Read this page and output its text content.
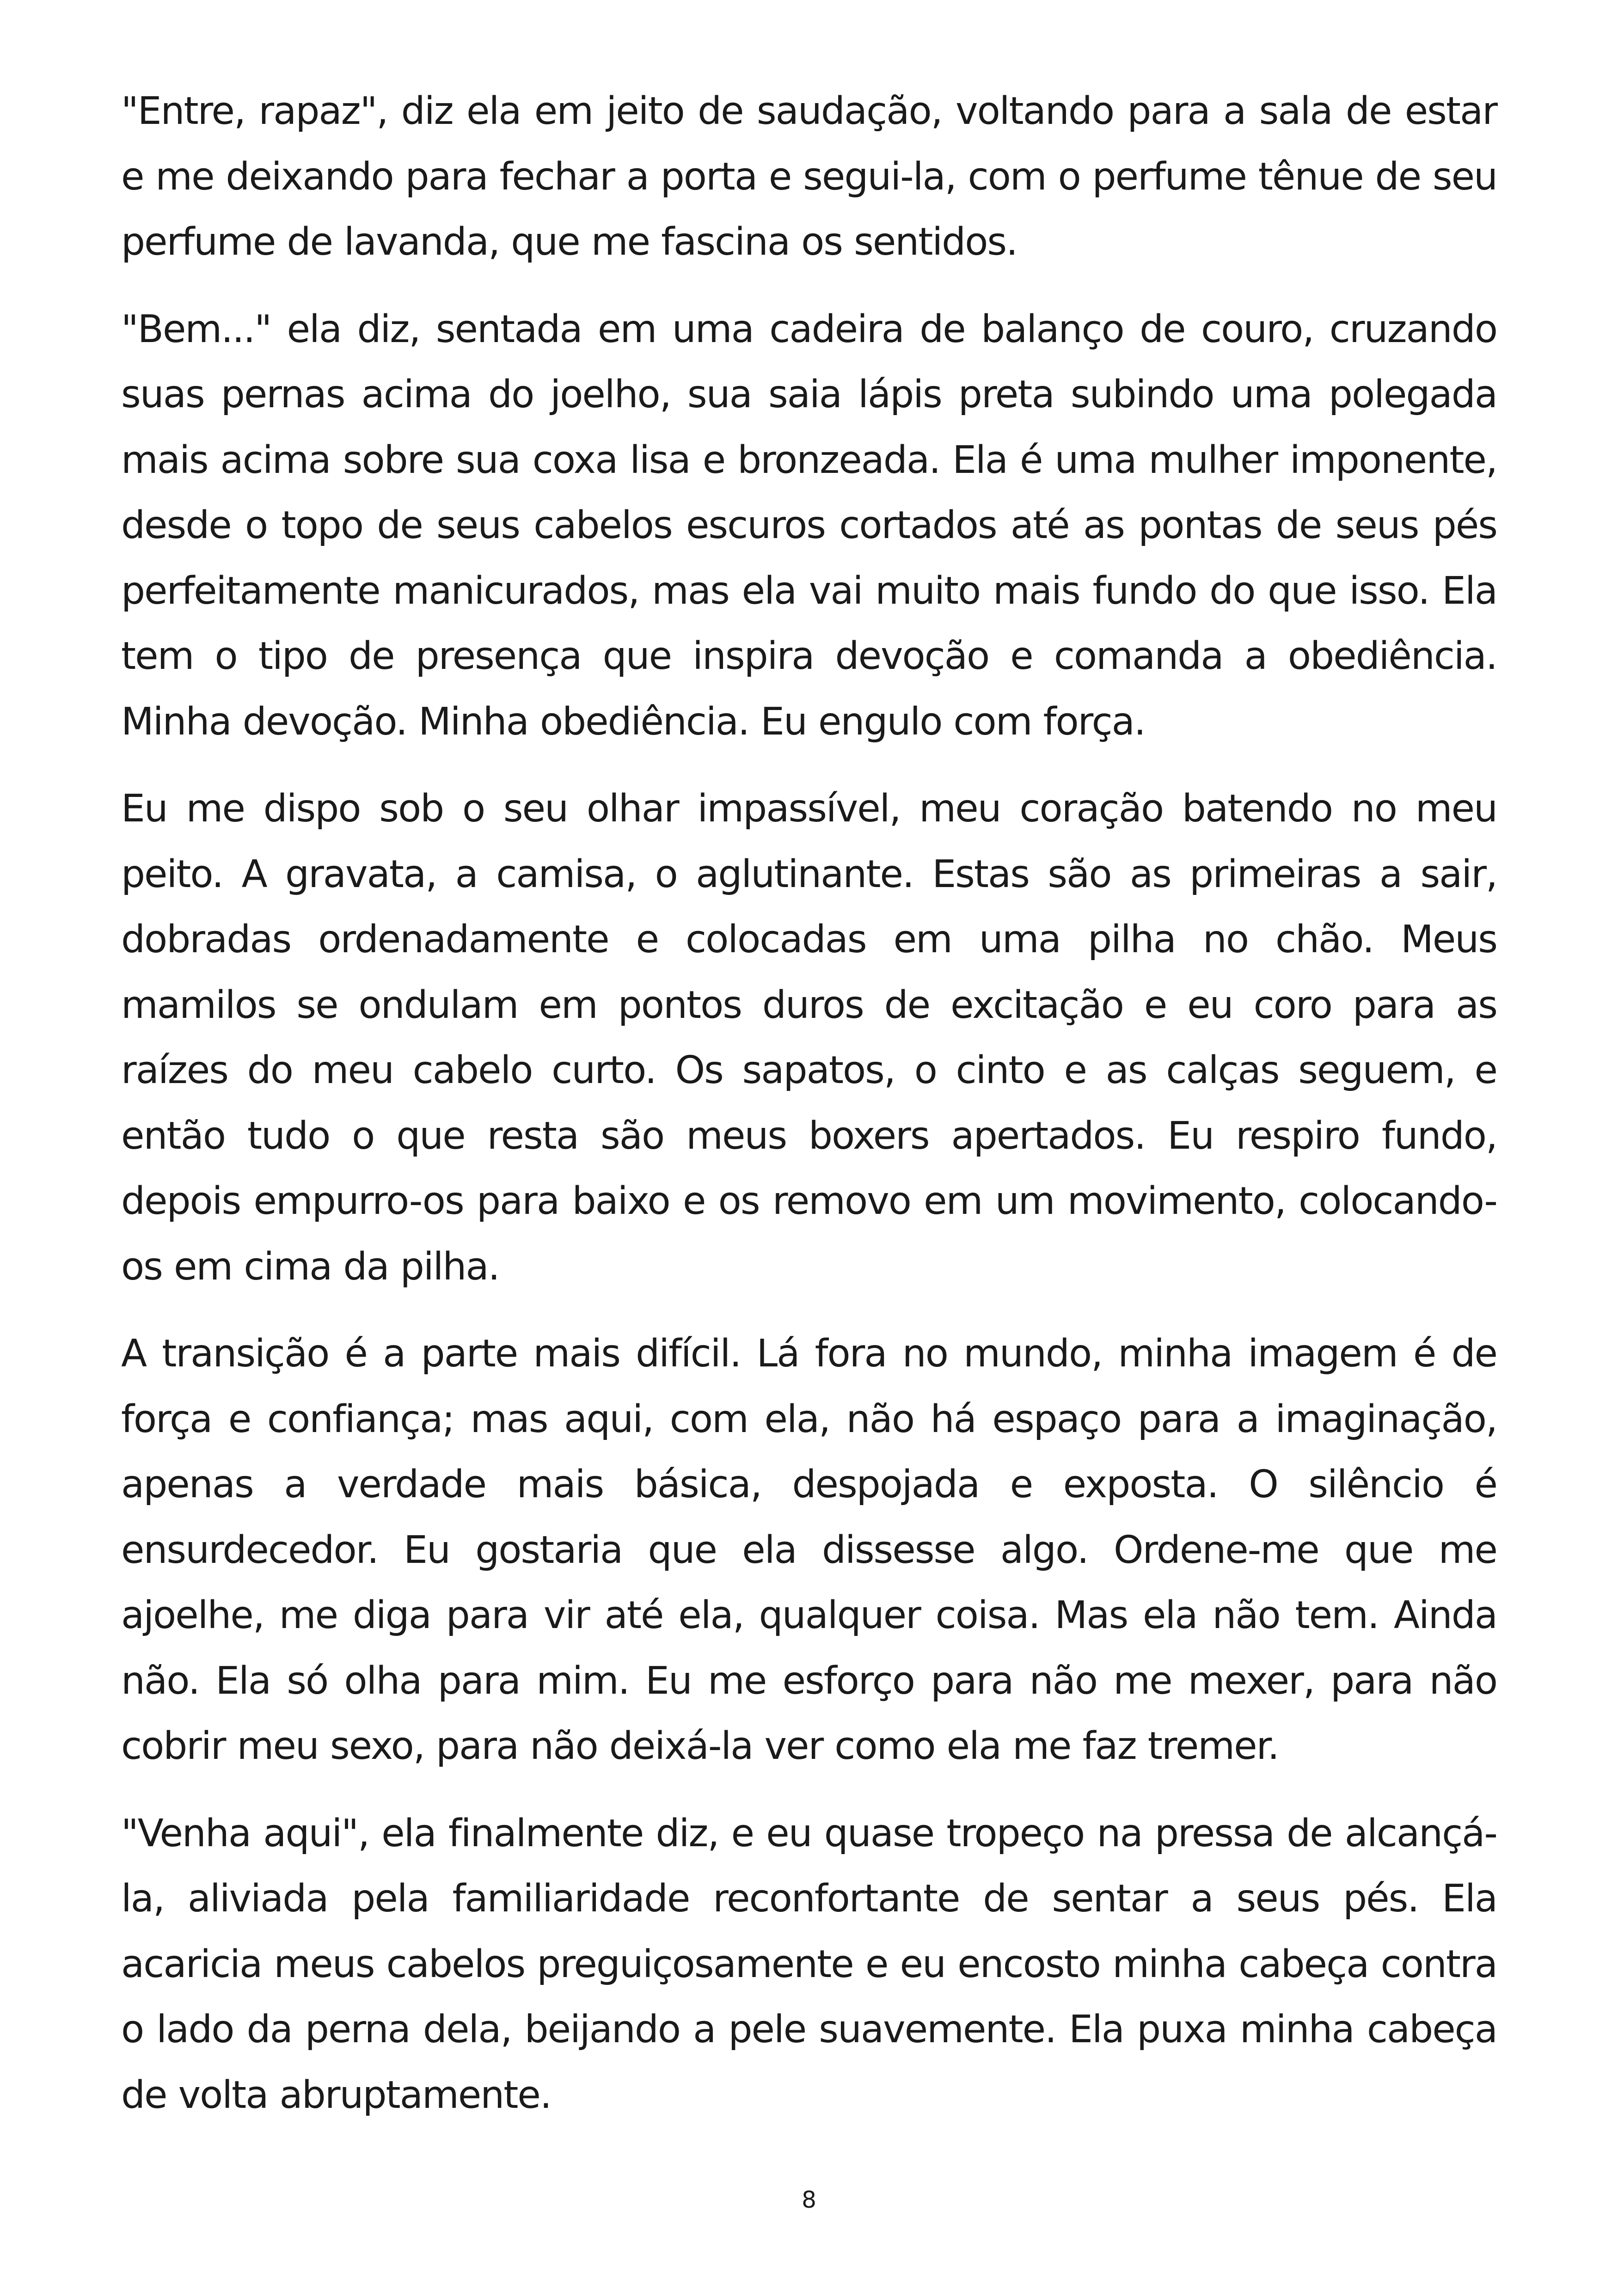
"Entre, rapaz", diz ela em jeito de saudação, voltando para a sala de estar e me deixando para fechar a porta e segui-la, com o perfume tênue de seu perfume de lavanda, que me fascina os sentidos.

"Bem..." ela diz, sentada em uma cadeira de balanço de couro, cruzando suas pernas acima do joelho, sua saia lápis preta subindo uma polegada mais acima sobre sua coxa lisa e bronzeada. Ela é uma mulher imponente, desde o topo de seus cabelos escuros cortados até as pontas de seus pés perfeitamente manicurados, mas ela vai muito mais fundo do que isso. Ela tem o tipo de presença que inspira devoção e comanda a obediência. Minha devoção. Minha obediência. Eu engulo com força.

Eu me dispo sob o seu olhar impassível, meu coração batendo no meu peito. A gravata, a camisa, o aglutinante. Estas são as primeiras a sair, dobradas ordenadamente e colocadas em uma pilha no chão. Meus mamilos se ondulam em pontos duros de excitação e eu coro para as raízes do meu cabelo curto. Os sapatos, o cinto e as calças seguem, e então tudo o que resta são meus boxers apertados. Eu respiro fundo, depois empurro-os para baixo e os removo em um movimento, colocando-os em cima da pilha.

A transição é a parte mais difícil. Lá fora no mundo, minha imagem é de força e confiança; mas aqui, com ela, não há espaço para a imaginação, apenas a verdade mais básica, despojada e exposta. O silêncio é ensurdecedor. Eu gostaria que ela dissesse algo. Ordene-me que me ajoelhe, me diga para vir até ela, qualquer coisa. Mas ela não tem. Ainda não. Ela só olha para mim. Eu me esforço para não me mexer, para não cobrir meu sexo, para não deixá-la ver como ela me faz tremer.

"Venha aqui", ela finalmente diz, e eu quase tropeço na pressa de alcançá-la, aliviada pela familiaridade reconfortante de sentar a seus pés. Ela acaricia meus cabelos preguiçosamente e eu encosto minha cabeça contra o lado da perna dela, beijando a pele suavemente. Ela puxa minha cabeça de volta abruptamente.

8
